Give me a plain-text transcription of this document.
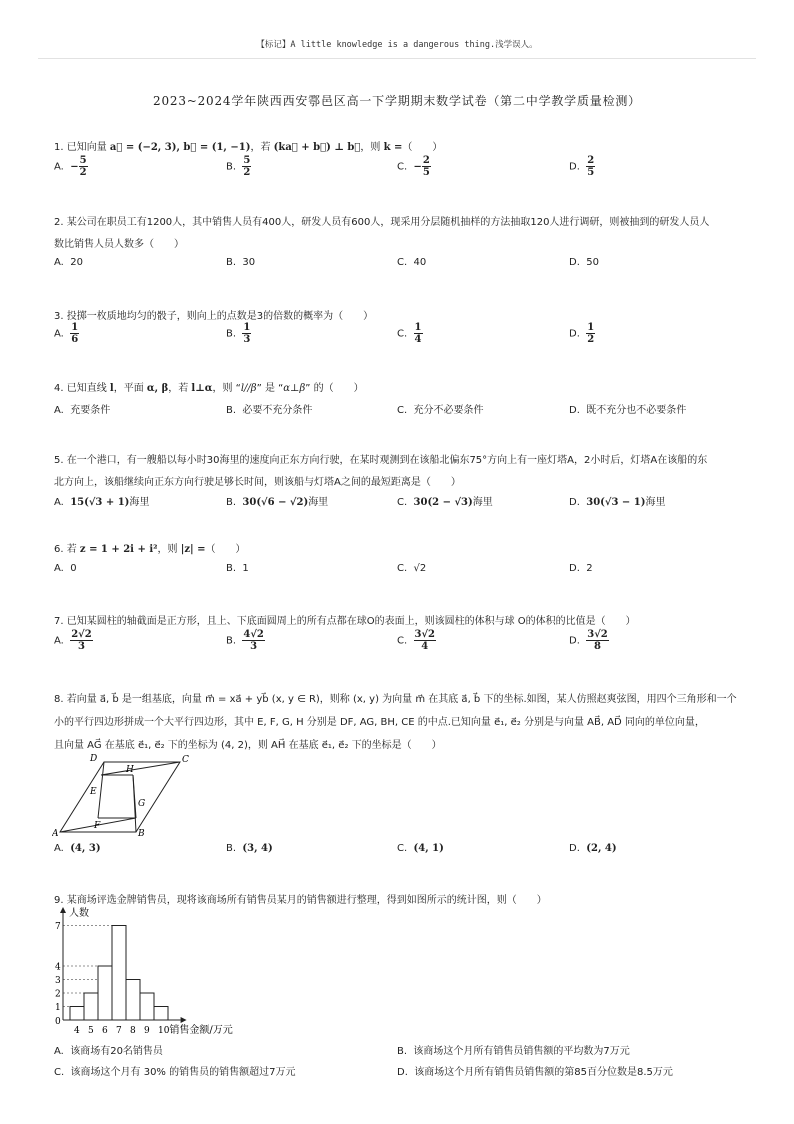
【标记】A little knowledge is a dangerous thing.浅学误人。
2023~2024学年陕西西安鄠邑区高一下学期期末数学试卷（第二中学教学质量检测）
1. 已知向量 a⃗ = (−2, 3), b⃗ = (1, −1)，若 (ka⃗ + b⃗) ⊥ b⃗，则 k =（　　）
A. − $\frac{5}{2}$	B. $\frac{5}{2}$	C. − $\frac{2}{5}$	D. $\frac{2}{5}$
2. 某公司在职员工有1200人，其中销售人员有400人，研发人员有600人，现采用分层随机抽样的方法抽取120人进行调研，则被抽到的研发人员人
数比销售人员人数多（　　）
A. 20	B. 30	C. 40	D. 50
3. 投掷一枚质地均匀的骰子，则向上的点数是3的倍数的概率为（　　）
A. $\frac{1}{6}$	B. $\frac{1}{3}$	C. $\frac{1}{4}$	D. $\frac{1}{2}$
4. 已知直线 l，平面 α, β，若 l⊥α，则 “l//β” 是 “α⊥β” 的（　　）
A. 充要条件	B. 必要不充分条件	C. 充分不必要条件	D. 既不充分也不必要条件
5. 在一个港口，有一艘船以每小时30海里的速度向正东方向行驶，在某时观测到在该船北偏东75°方向上有一座灯塔A，2小时后，灯塔A在该船的东
北方向上，该船继续向正东方向行驶足够长时间，则该船与灯塔A之间的最短距离是（　　）
A. 15(√3 + 1)海里	B. 30(√6 − √2)海里	C. 30(2 − √3)海里	D. 30(√3 − 1)海里
6. 若 z = 1 + 2i + i²，则 |z| =（　　）
A. 0	B. 1	C. √2	D. 2
7. 已知某圆柱的轴截面是正方形，且上、下底面圆周上的所有点都在球O的表面上，则该圆柱的体积与球 O的体积的比值是（　　）
A. $\frac{2√2}{3}$	B. $\frac{4√2}{3}$	C. $\frac{3√2}{4}$	D. $\frac{3√2}{8}$
8. 若向量 a⃗, b⃗ 是一组基底，向量 m⃗ = xa⃗ + yb⃗ (x, y ∈ R)，则称 (x, y) 为向量 m⃗ 在其底 a⃗, b⃗ 下的坐标.如图，某人仿照赵爽弦图，用四个三角形和一个
小的平行四边形拼成一个大平行四边形，其中 E, F, G, H 分别是 DF, AG, BH, CE 的中点.已知向量 e⃗₁, e⃗₂ 分别是与向量 AB⃗, AD⃗ 同向的单位向量，
且向量 AG⃗ 在基底 e⃗₁, e⃗₂ 下的坐标为 (4, 2)，则 AH⃗ 在基底 e⃗₁, e⃗₂ 下的坐标是（　　）
D
H
C
E
G
A
F
B
A. (4, 3)	B. (3, 4)	C. (4, 1)	D. (2, 4)
9. 某商场评选金牌销售员，现将该商场所有销售员某月的销售额进行整理，得到如图所示的统计图，则（　　）
人数
销售金额/万元
1
2
3
4
7
0
4 5 6 7 8 9 10
A. 该商场有20名销售员	B. 该商场这个月所有销售员销售额的平均数为7万元
C. 该商场这个月有 30% 的销售员的销售额超过7万元	D. 该商场这个月所有销售员销售额的第85百分位数是8.5万元
